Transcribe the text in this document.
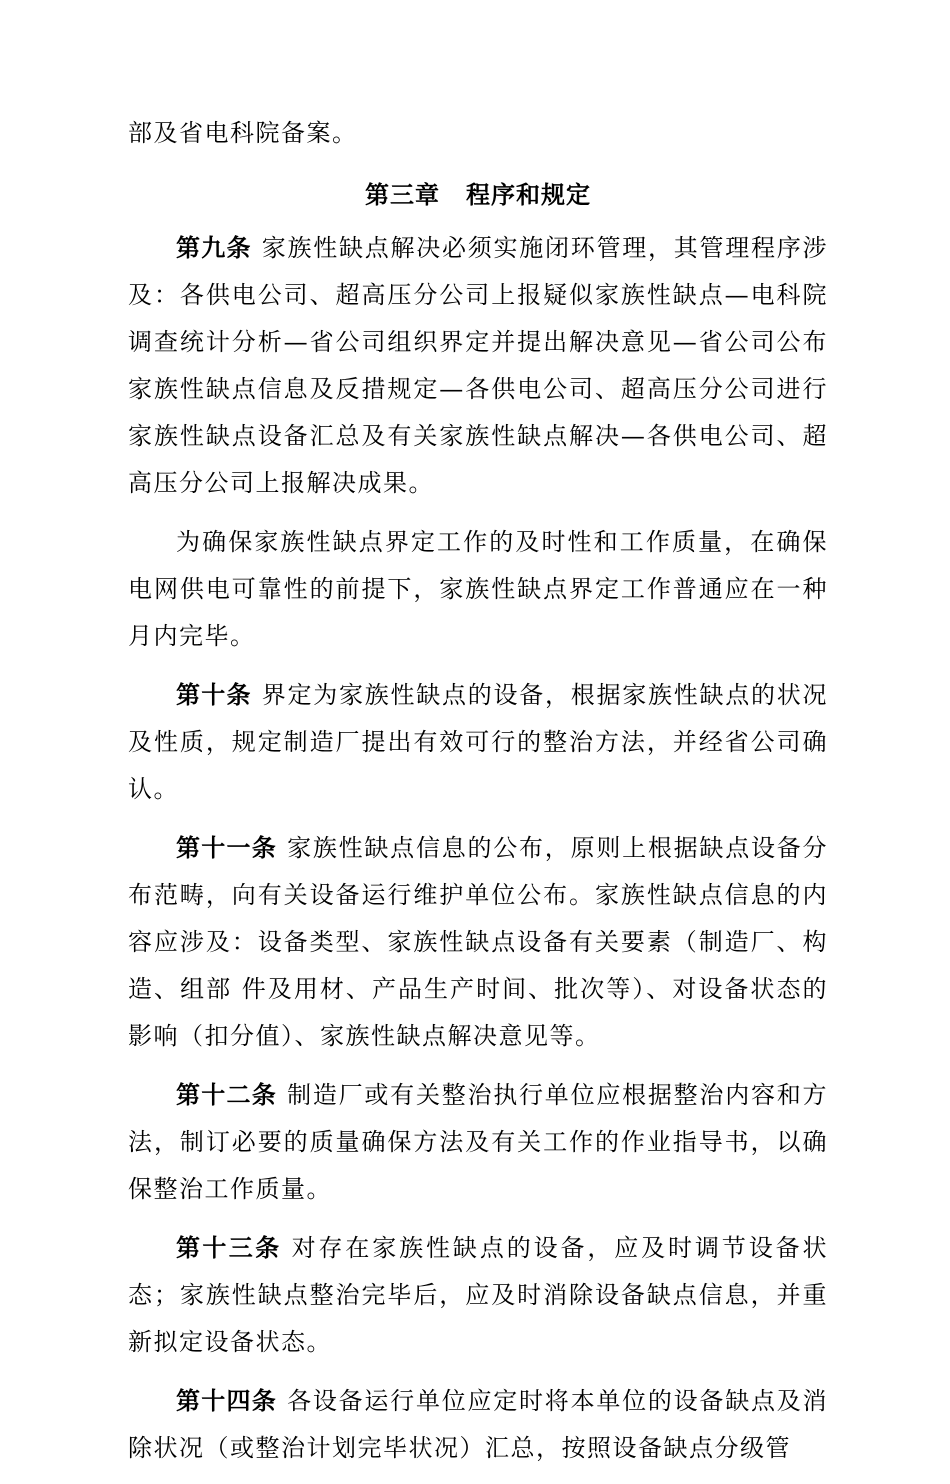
部及省电科院备案。

第三章 程序和规定

第九条 家族性缺点解决必须实施闭环管理，其管理程序涉及：各供电公司、超高压分公司上报疑似家族性缺点—电科院调查统计分析—省公司组织界定并提出解决意见—省公司公布家族性缺点信息及反措规定—各供电公司、超高压分公司进行家族性缺点设备汇总及有关家族性缺点解决—各供电公司、超高压分公司上报解决成果。

为确保家族性缺点界定工作的及时性和工作质量，在确保电网供电可靠性的前提下，家族性缺点界定工作普通应在一种月内完毕。

第十条 界定为家族性缺点的设备，根据家族性缺点的状况及性质，规定制造厂提出有效可行的整治方法，并经省公司确认。

第十一条 家族性缺点信息的公布，原则上根据缺点设备分布范畴，向有关设备运行维护单位公布。家族性缺点信息的内容应涉及：设备类型、家族性缺点设备有关要素（制造厂、构造、组部 件及用材、产品生产时间、批次等）、对设备状态的影响（扣分值）、家族性缺点解决意见等。

第十二条 制造厂或有关整治执行单位应根据整治内容和方法，制订必要的质量确保方法及有关工作的作业指导书，以确保整治工作质量。

第十三条 对存在家族性缺点的设备，应及时调节设备状态；家族性缺点整治完毕后，应及时消除设备缺点信息，并重新拟定设备状态。

第十四条 各设备运行单位应定时将本单位的设备缺点及消除状况（或整治计划完毕状况）汇总，按照设备缺点分级管
